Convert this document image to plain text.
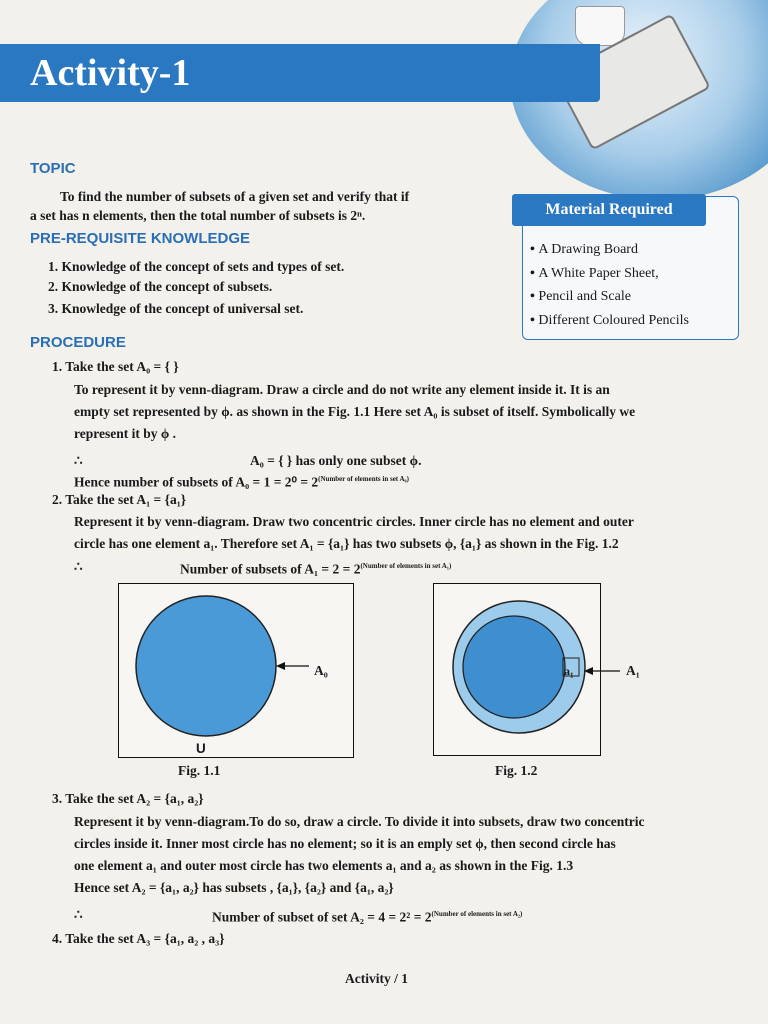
Activity-1
TOPIC
To find the number of subsets of a given set and verify that if
a set has n elements, then the total number of subsets is 2ⁿ.
PRE-REQUISITE KNOWLEDGE
1. Knowledge of the concept of sets and types of set.
2. Knowledge of the concept of subsets.
3. Knowledge of the concept of universal set.
Material Required
• A Drawing Board
• A White Paper Sheet,
• Pencil and Scale
• Different Coloured Pencils
PROCEDURE
1. Take the set A₀ = { }
To represent it by venn-diagram. Draw a circle and do not write any element inside it. It is an
empty set represented by ϕ. as shown in the Fig. 1.1 Here set A₀ is subset of itself. Symbolically we
represent it by ϕ .
∴	A₀ = { } has only one subset ϕ.
Hence number of subsets of $A_0 = 1 = 2^0 = 2^{(Number of elements in set A_0)}$
2. Take the set A₁ = {a₁}
Represent it by venn-diagram. Draw two concentric circles. Inner circle has no element and outer
circle has one element a₁. Therefore set A₁ = {a₁} has two subsets ϕ, {a₁} as shown in the Fig. 1.2
∴	Number of subsets of $A_1 = 2 = 2^{(Number of elements in set A_1)}$
A₀
U
Fig. 1.1
a₁	A₁
Fig. 1.2
3. Take the set A₂ = {a₁, a₂}
Represent it by venn-diagram.To do so, draw a circle. To divide it into subsets, draw two concentric
circles inside it. Inner most circle has no element; so it is an emply set ϕ, then second circle has
one element a₁ and outer most circle has two elements a₁ and a₂ as shown in the Fig. 1.3
Hence set A₂ = {a₁, a₂} has subsets , {a₁}, {a₂} and {a₁, a₂}
∴	Number of subset of set $A_2 = 4 = 2^2 = 2^{(Number of elements in set A_2)}$
4. Take the set A₃ = {a₁, a₂ , a₃}
Activity / 1
